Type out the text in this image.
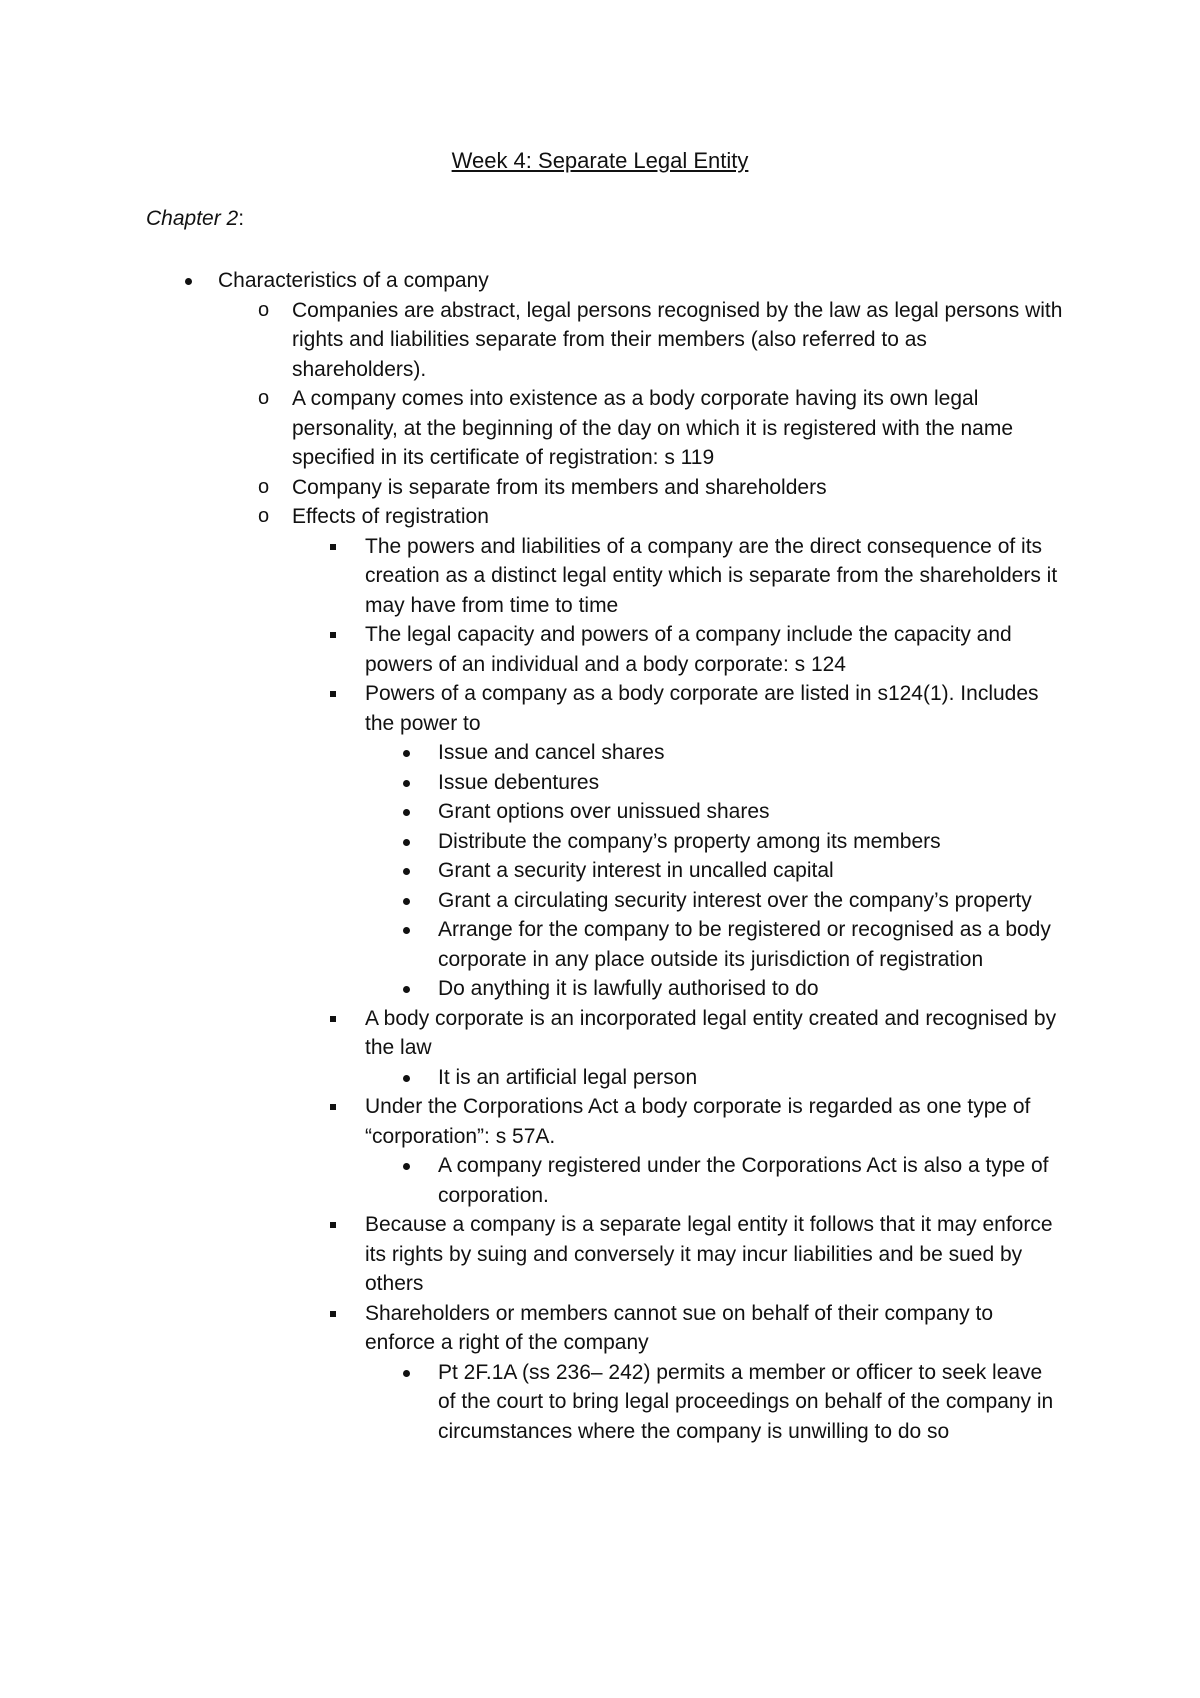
Week 4: Separate Legal Entity
Chapter 2:
Characteristics of a company
o Companies are abstract, legal persons recognised by the law as legal persons with rights and liabilities separate from their members (also referred to as shareholders).
o A company comes into existence as a body corporate having its own legal personality, at the beginning of the day on which it is registered with the name specified in its certificate of registration: s 119
o Company is separate from its members and shareholders
o Effects of registration
The powers and liabilities of a company are the direct consequence of its creation as a distinct legal entity which is separate from the shareholders it may have from time to time
The legal capacity and powers of a company include the capacity and powers of an individual and a body corporate: s 124
Powers of a company as a body corporate are listed in s124(1). Includes the power to
Issue and cancel shares
Issue debentures
Grant options over unissued shares
Distribute the company’s property among its members
Grant a security interest in uncalled capital
Grant a circulating security interest over the company’s property
Arrange for the company to be registered or recognised as a body corporate in any place outside its jurisdiction of registration
Do anything it is lawfully authorised to do
A body corporate is an incorporated legal entity created and recognised by the law
It is an artificial legal person
Under the Corporations Act a body corporate is regarded as one type of “corporation”: s 57A.
A company registered under the Corporations Act is also a type of corporation.
Because a company is a separate legal entity it follows that it may enforce its rights by suing and conversely it may incur liabilities and be sued by others
Shareholders or members cannot sue on behalf of their company to enforce a right of the company
Pt 2F.1A (ss 236– 242) permits a member or officer to seek leave of the court to bring legal proceedings on behalf of the company in circumstances where the company is unwilling to do so
